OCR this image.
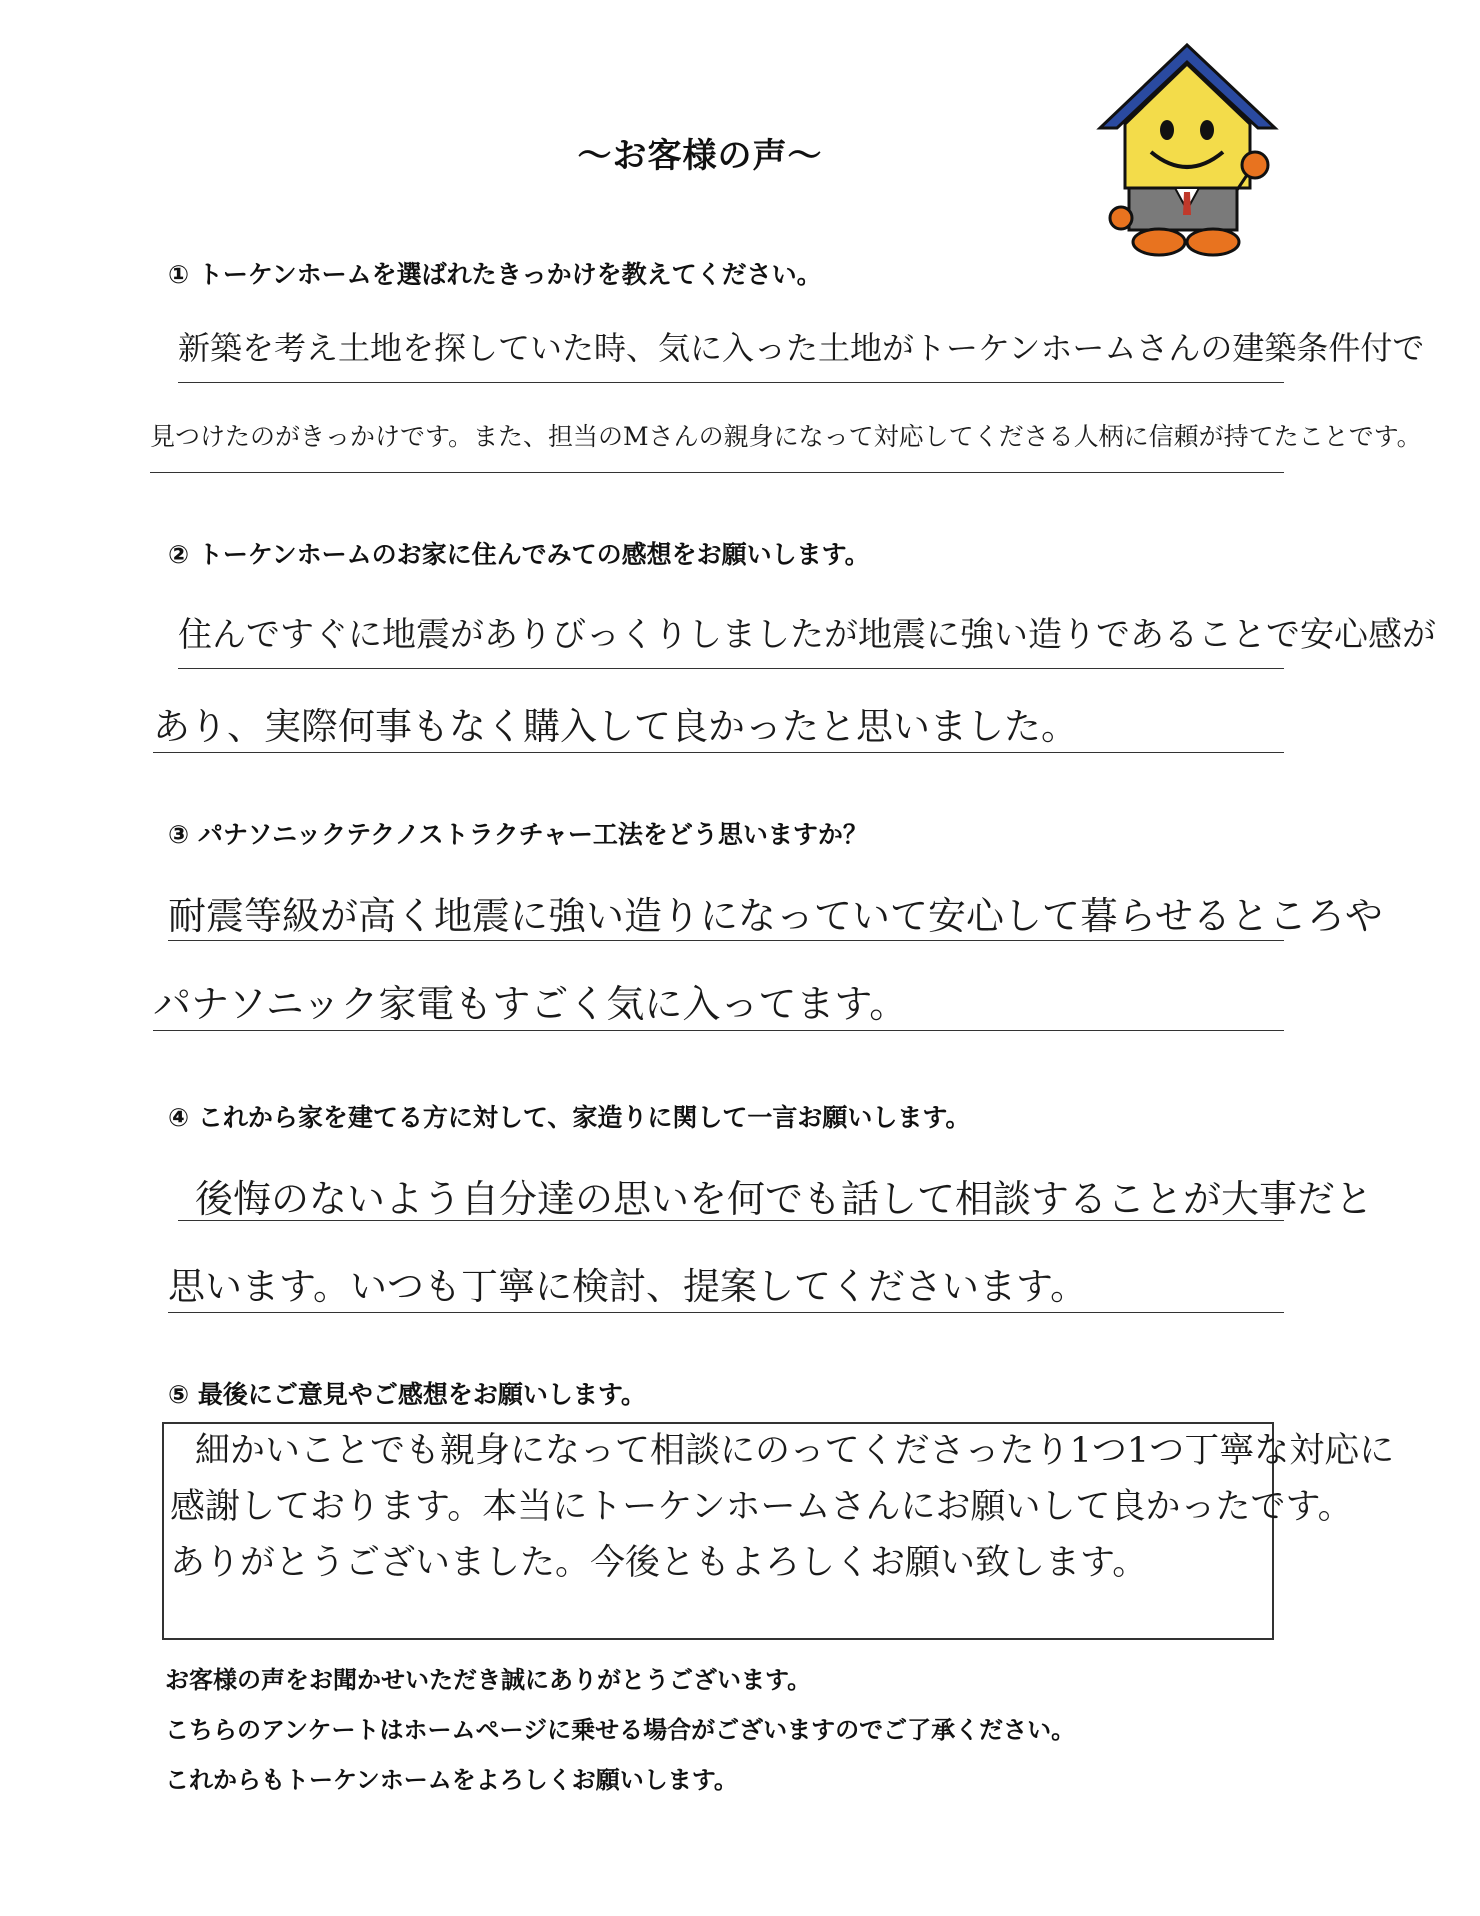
〜お客様の声〜
① トーケンホームを選ばれたきっかけを教えてください。
新築を考え土地を探していた時、気に入った土地がトーケンホームさんの建築条件付で
見つけたのがきっかけです。また、担当のMさんの親身になって対応してくださる人柄に信頼が持てたことです。
② トーケンホームのお家に住んでみての感想をお願いします。
住んですぐに地震がありびっくりしましたが地震に強い造りであることで安心感が
あり、実際何事もなく購入して良かったと思いました。
③ パナソニックテクノストラクチャー工法をどう思いますか？
耐震等級が高く地震に強い造りになっていて安心して暮らせるところや
パナソニック家電もすごく気に入ってます。
④ これから家を建てる方に対して、家造りに関して一言お願いします。
後悔のないよう自分達の思いを何でも話して相談することが大事だと
思います。いつも丁寧に検討、提案してくださいます。
⑤ 最後にご意見やご感想をお願いします。
細かいことでも親身になって相談にのってくださったり1つ1つ丁寧な対応に
感謝しております。本当にトーケンホームさんにお願いして良かったです。
ありがとうございました。今後ともよろしくお願い致します。
お客様の声をお聞かせいただき誠にありがとうございます。
こちらのアンケートはホームページに乗せる場合がございますのでご了承ください。
これからもトーケンホームをよろしくお願いします。
